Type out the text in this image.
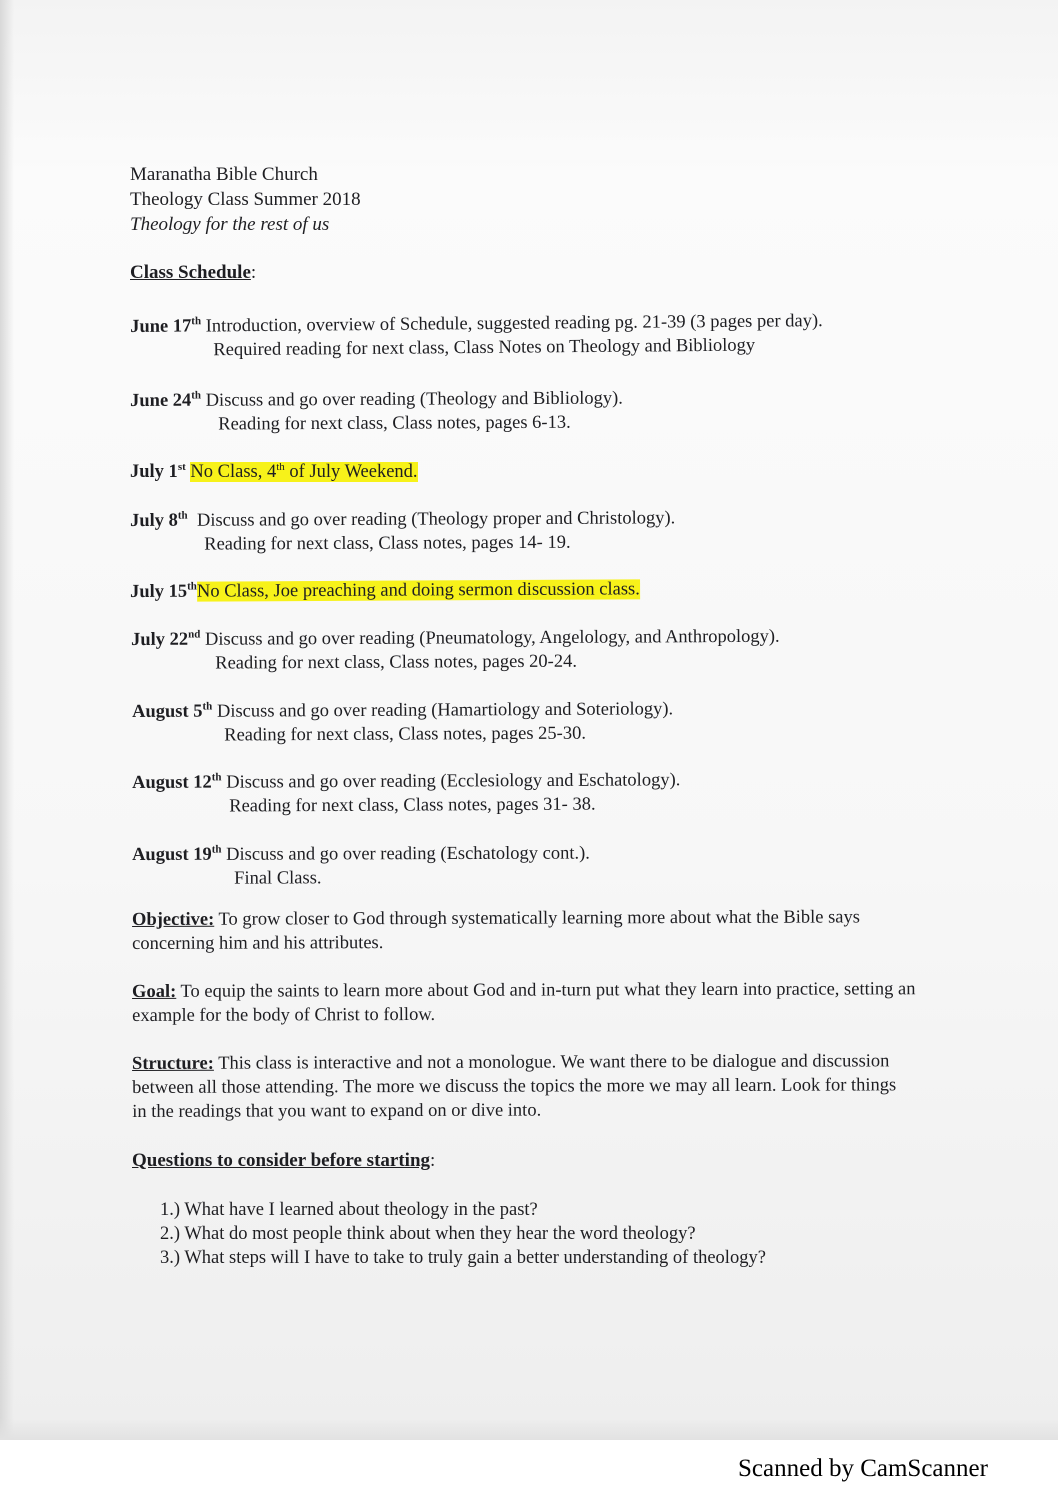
Maranatha Bible Church
Theology Class Summer 2018
Theology for the rest of us
Class Schedule:
June 17th Introduction, overview of Schedule, suggested reading pg. 21-39 (3 pages per day).
Required reading for next class, Class Notes on Theology and Bibliology
June 24th Discuss and go over reading (Theology and Bibliology).
Reading for next class, Class notes, pages 6-13.
July 1st No Class, 4th of July Weekend.
July 8th  Discuss and go over reading (Theology proper and Christology).
Reading for next class, Class notes, pages 14- 19.
July 15thNo Class, Joe preaching and doing sermon discussion class.
July 22nd Discuss and go over reading (Pneumatology, Angelology, and Anthropology).
Reading for next class, Class notes, pages 20-24.
August 5th Discuss and go over reading (Hamartiology and Soteriology).
Reading for next class, Class notes, pages 25-30.
August 12th Discuss and go over reading (Ecclesiology and Eschatology).
Reading for next class, Class notes, pages 31- 38.
August 19th Discuss and go over reading (Eschatology cont.).
Final Class.
Objective: To grow closer to God through systematically learning more about what the Bible says concerning him and his attributes.
Goal: To equip the saints to learn more about God and in-turn put what they learn into practice, setting an example for the body of Christ to follow.
Structure: This class is interactive and not a monologue. We want there to be dialogue and discussion between all those attending. The more we discuss the topics the more we may all learn. Look for things in the readings that you want to expand on or dive into.
Questions to consider before starting:
1.) What have I learned about theology in the past?
2.) What do most people think about when they hear the word theology?
3.) What steps will I have to take to truly gain a better understanding of theology?
Scanned by CamScanner
